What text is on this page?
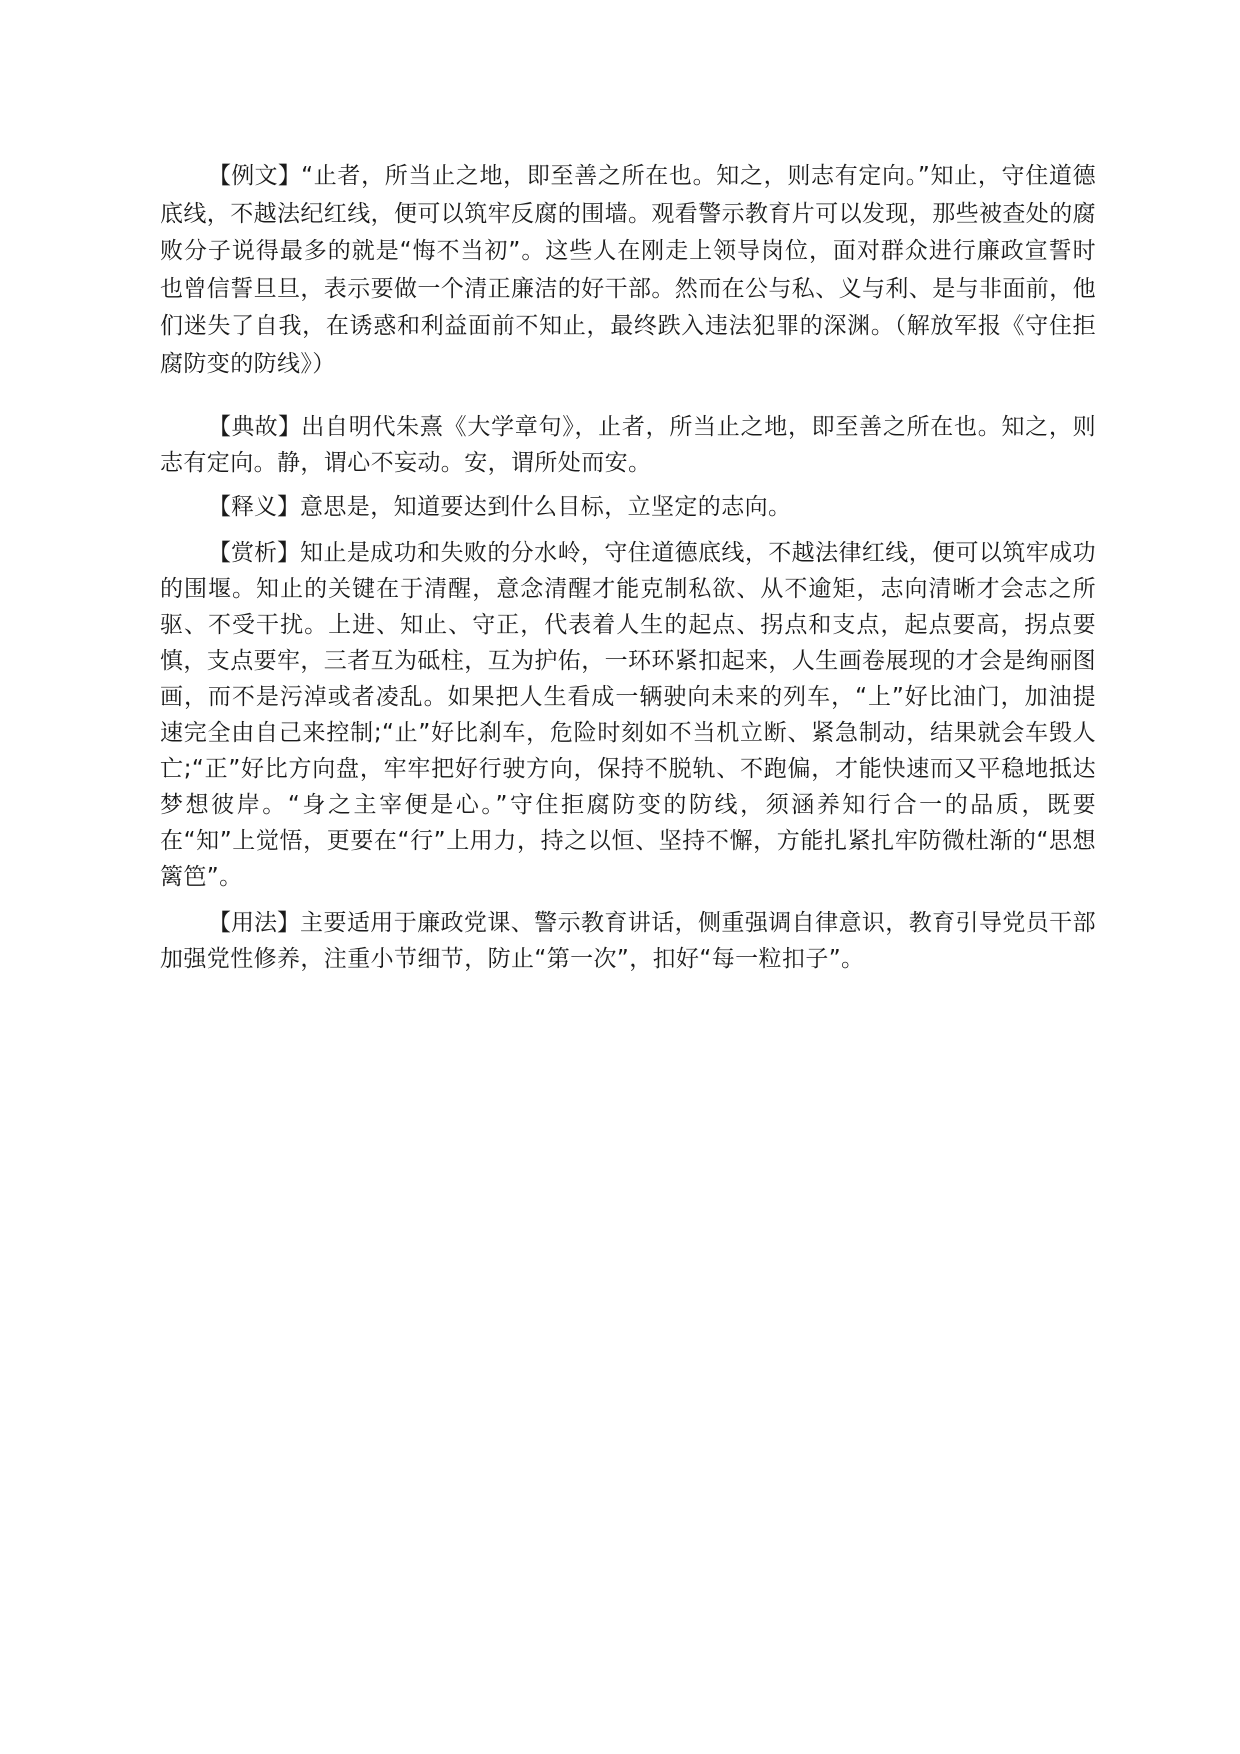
【例文】“止者，所当止之地，即至善之所在也。知之，则志有定向。”知止，守住道德底线，不越法纪红线，便可以筑牢反腐的围墙。观看警示教育片可以发现，那些被查处的腐败分子说得最多的就是“悔不当初”。这些人在刚走上领导岗位，面对群众进行廉政宣誓时也曾信誓旦旦，表示要做一个清正廉洁的好干部。然而在公与私、义与利、是与非面前，他们迷失了自我，在诱惑和利益面前不知止，最终跌入违法犯罪的深渊。（解放军报《守住拒腐防变的防线》）

【典故】出自明代朱熹《大学章句》，止者，所当止之地，即至善之所在也。知之，则志有定向。静，谓心不妄动。安，谓所处而安。

【释义】意思是，知道要达到什么目标，立坚定的志向。

【赏析】知止是成功和失败的分水岭，守住道德底线，不越法律红线，便可以筑牢成功的围堰。知止的关键在于清醒，意念清醒才能克制私欲、从不逾矩，志向清晰才会志之所驱、不受干扰。上进、知止、守正，代表着人生的起点、拐点和支点，起点要高，拐点要慎，支点要牢，三者互为砥柱，互为护佑，一环环紧扣起来，人生画卷展现的才会是绚丽图画，而不是污淖或者凌乱。如果把人生看成一辆驶向未来的列车，“上”好比油门，加油提速完全由自己来控制;“止”好比刹车，危险时刻如不当机立断、紧急制动，结果就会车毁人亡;“正”好比方向盘，牢牢把好行驶方向，保持不脱轨、不跑偏，才能快速而又平稳地抵达梦想彼岸。“身之主宰便是心。”守住拒腐防变的防线，须涵养知行合一的品质，既要在“知”上觉悟，更要在“行”上用力，持之以恒、坚持不懈，方能扎紧扎牢防微杜渐的“思想篱笆”。

【用法】主要适用于廉政党课、警示教育讲话，侧重强调自律意识，教育引导党员干部加强党性修养，注重小节细节，防止“第一次”，扣好“每一粒扣子”。
